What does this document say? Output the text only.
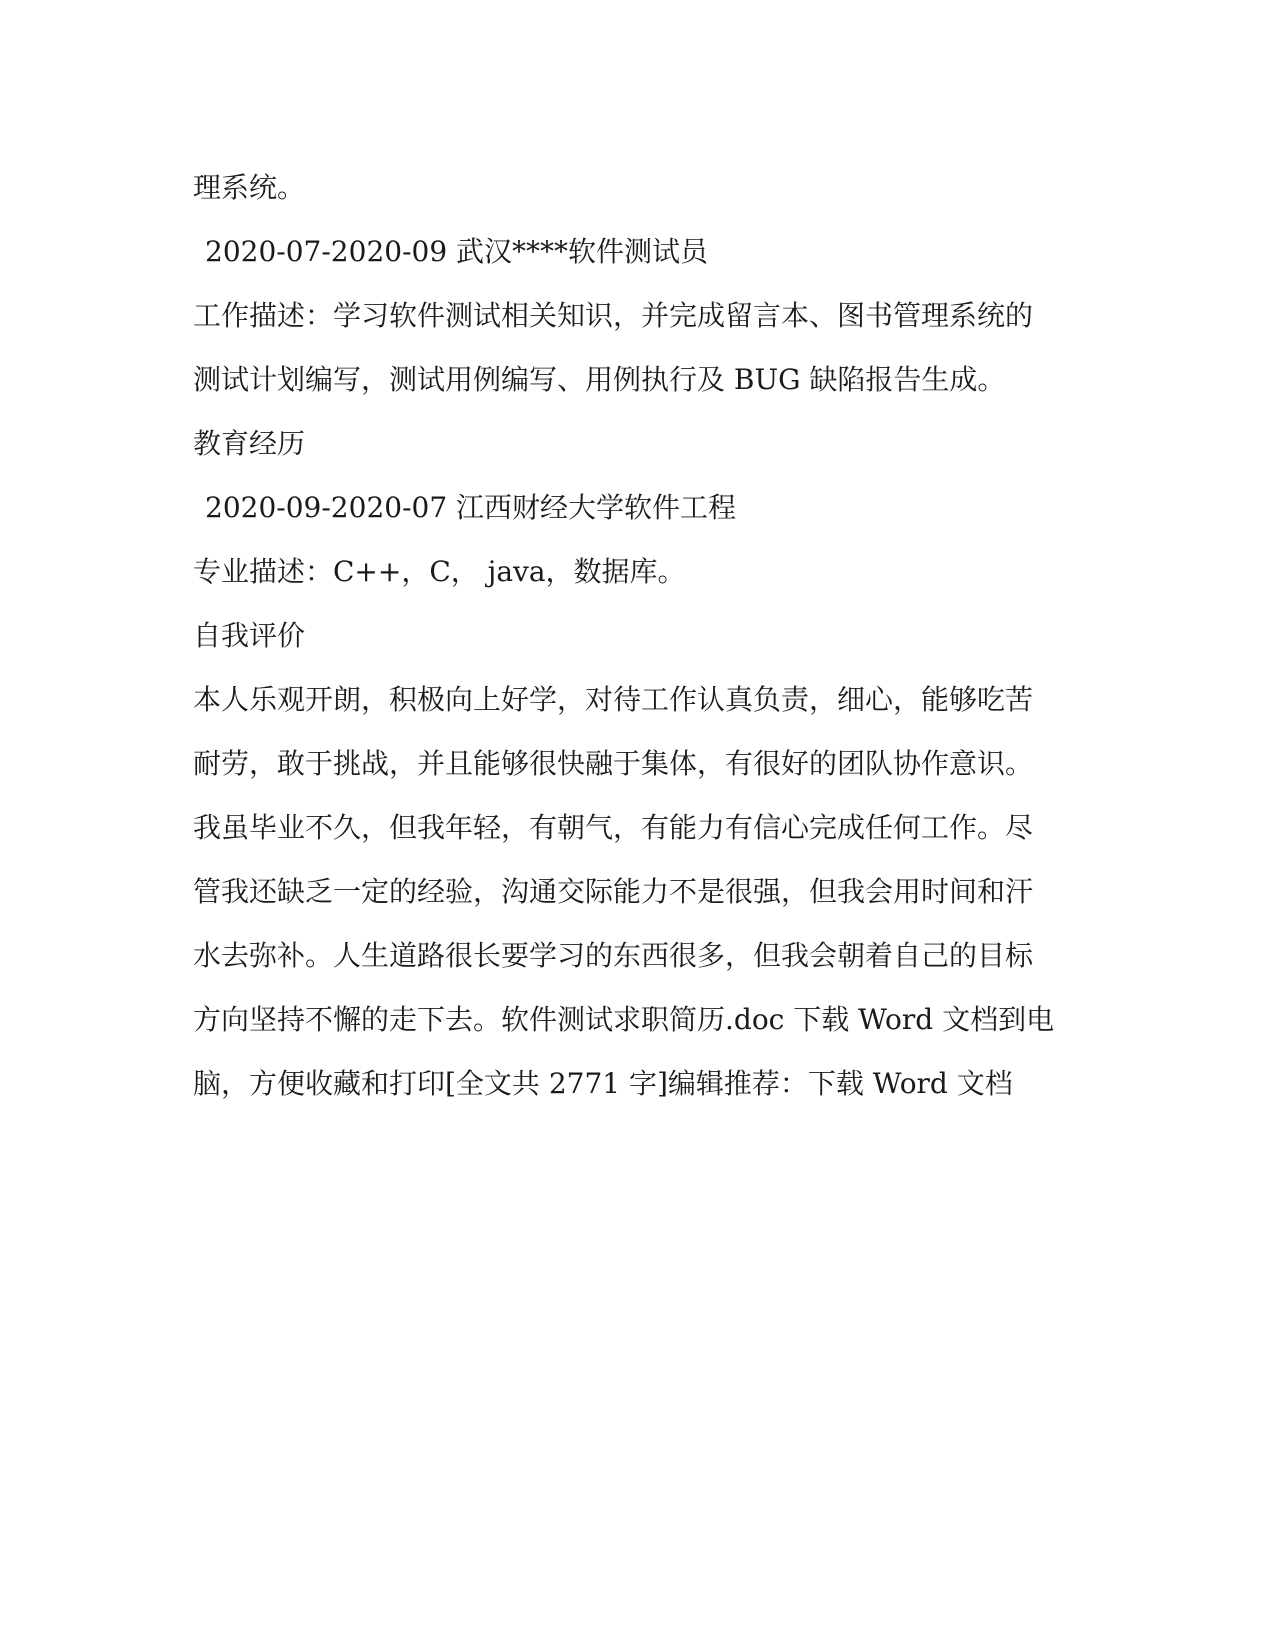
理系统。

2020-07-2020-09 武汉****软件测试员

工作描述：学习软件测试相关知识，并完成留言本、图书管理系统的

测试计划编写，测试用例编写、用例执行及 BUG 缺陷报告生成。

教育经历

2020-09-2020-07 江西财经大学软件工程

专业描述：C++，C， java，数据库。

自我评价

本人乐观开朗，积极向上好学，对待工作认真负责，细心，能够吃苦

耐劳，敢于挑战，并且能够很快融于集体，有很好的团队协作意识。

我虽毕业不久，但我年轻，有朝气，有能力有信心完成任何工作。尽

管我还缺乏一定的经验，沟通交际能力不是很强，但我会用时间和汗

水去弥补。人生道路很长要学习的东西很多，但我会朝着自己的目标

方向坚持不懈的走下去。软件测试求职简历.doc 下载 Word 文档到电

脑，方便收藏和打印[全文共 2771 字]编辑推荐：下载 Word 文档
